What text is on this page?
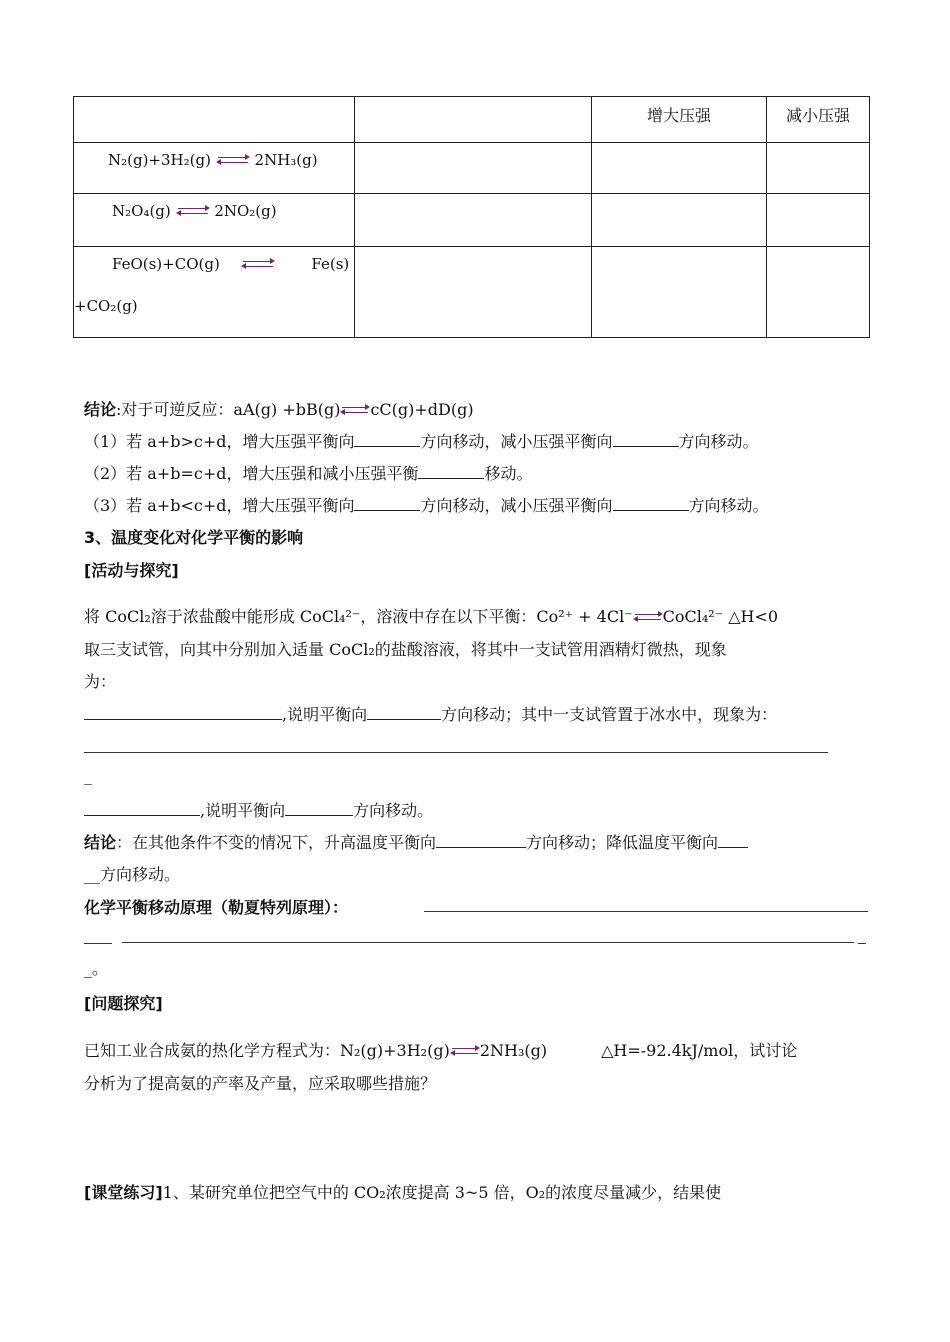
		增大压强	减小压强
N₂(g)+3H₂(g) 2NH₃(g)			
N₂O₄(g) 2NO₂(g)			

FeO(s)+CO(g) Fe(s)
+CO₂(g)			

结论:对于可逆反应：aA(g) +bB(g) cC(g)+dD(g)
（1）若 a+b>c+d，增大压强平衡向	方向移动，减小压强平衡向	方向移动。
（2）若 a+b=c+d，增大压强和减小压强平衡	移动。
（3）若 a+b<c+d，增大压强平衡向	方向移动，减小压强平衡向	方向移动。
3、温度变化对化学平衡的影响
[活动与探究]
将 CoCl₂溶于浓盐酸中能形成 CoCl₄²⁻，溶液中存在以下平衡：Co²⁺ + 4Cl⁻ CoCl₄²⁻ △H<0
取三支试管，向其中分别加入适量 CoCl₂的盐酸溶液，将其中一支试管用酒精灯微热，现象
为：
,说明平衡向	方向移动；其中一支试管置于冰水中，现象为：
_
,说明平衡向	方向移动。
结论：在其他条件不变的情况下，升高温度平衡向	方向移动；降低温度平衡向
__方向移动。
化学平衡移动原理（勒夏特列原理）：
_。
[问题探究]
已知工业合成氨的热化学方程式为：N₂(g)+3H₂(g) 2NH₃(g)	△H=-92.4kJ/mol，试讨论
分析为了提高氨的产率及产量，应采取哪些措施？
[课堂练习]1、某研究单位把空气中的 CO₂浓度提高 3~5 倍，O₂的浓度尽量减少，结果使
